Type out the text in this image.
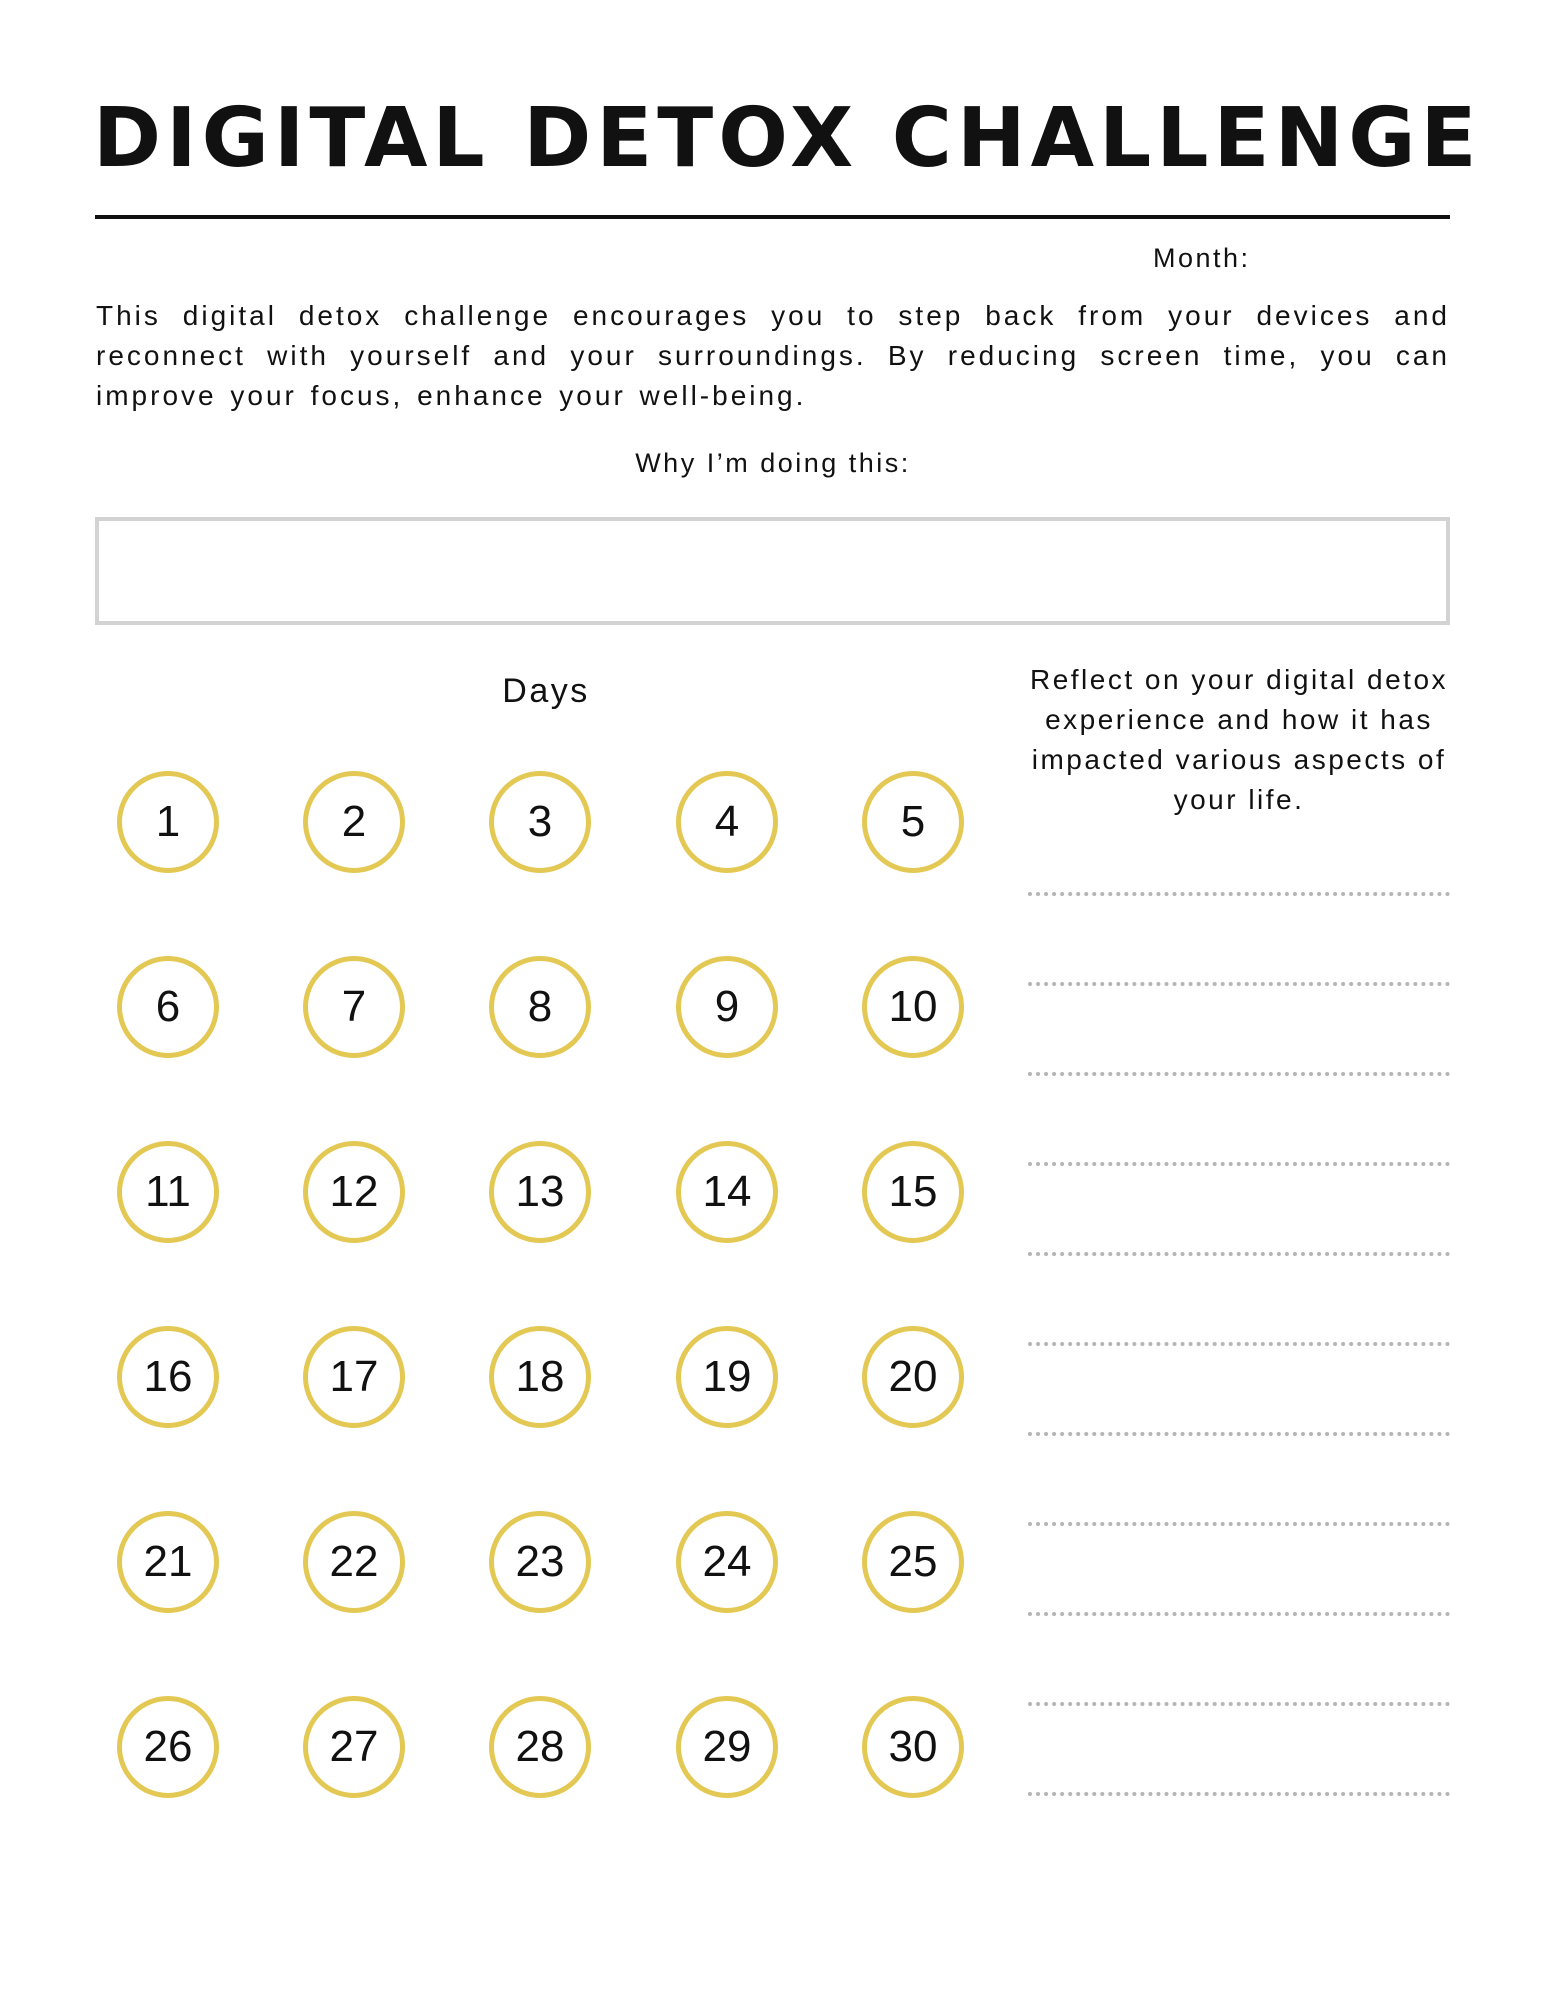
DIGITAL DETOX CHALLENGE
Month:

This digital detox challenge encourages you to step back from your devices and reconnect with yourself and your surroundings. By reducing screen time, you can improve your focus, enhance your well-being.

Why I’m doing this:
Days
1	2	3	4	5
6	7	8	9	10
11	12	13	14	15
16	17	18	19	20
21	22	23	24	25
26	27	28	29	30

Reflect on your digital detox experience and how it has impacted various aspects of your life.
